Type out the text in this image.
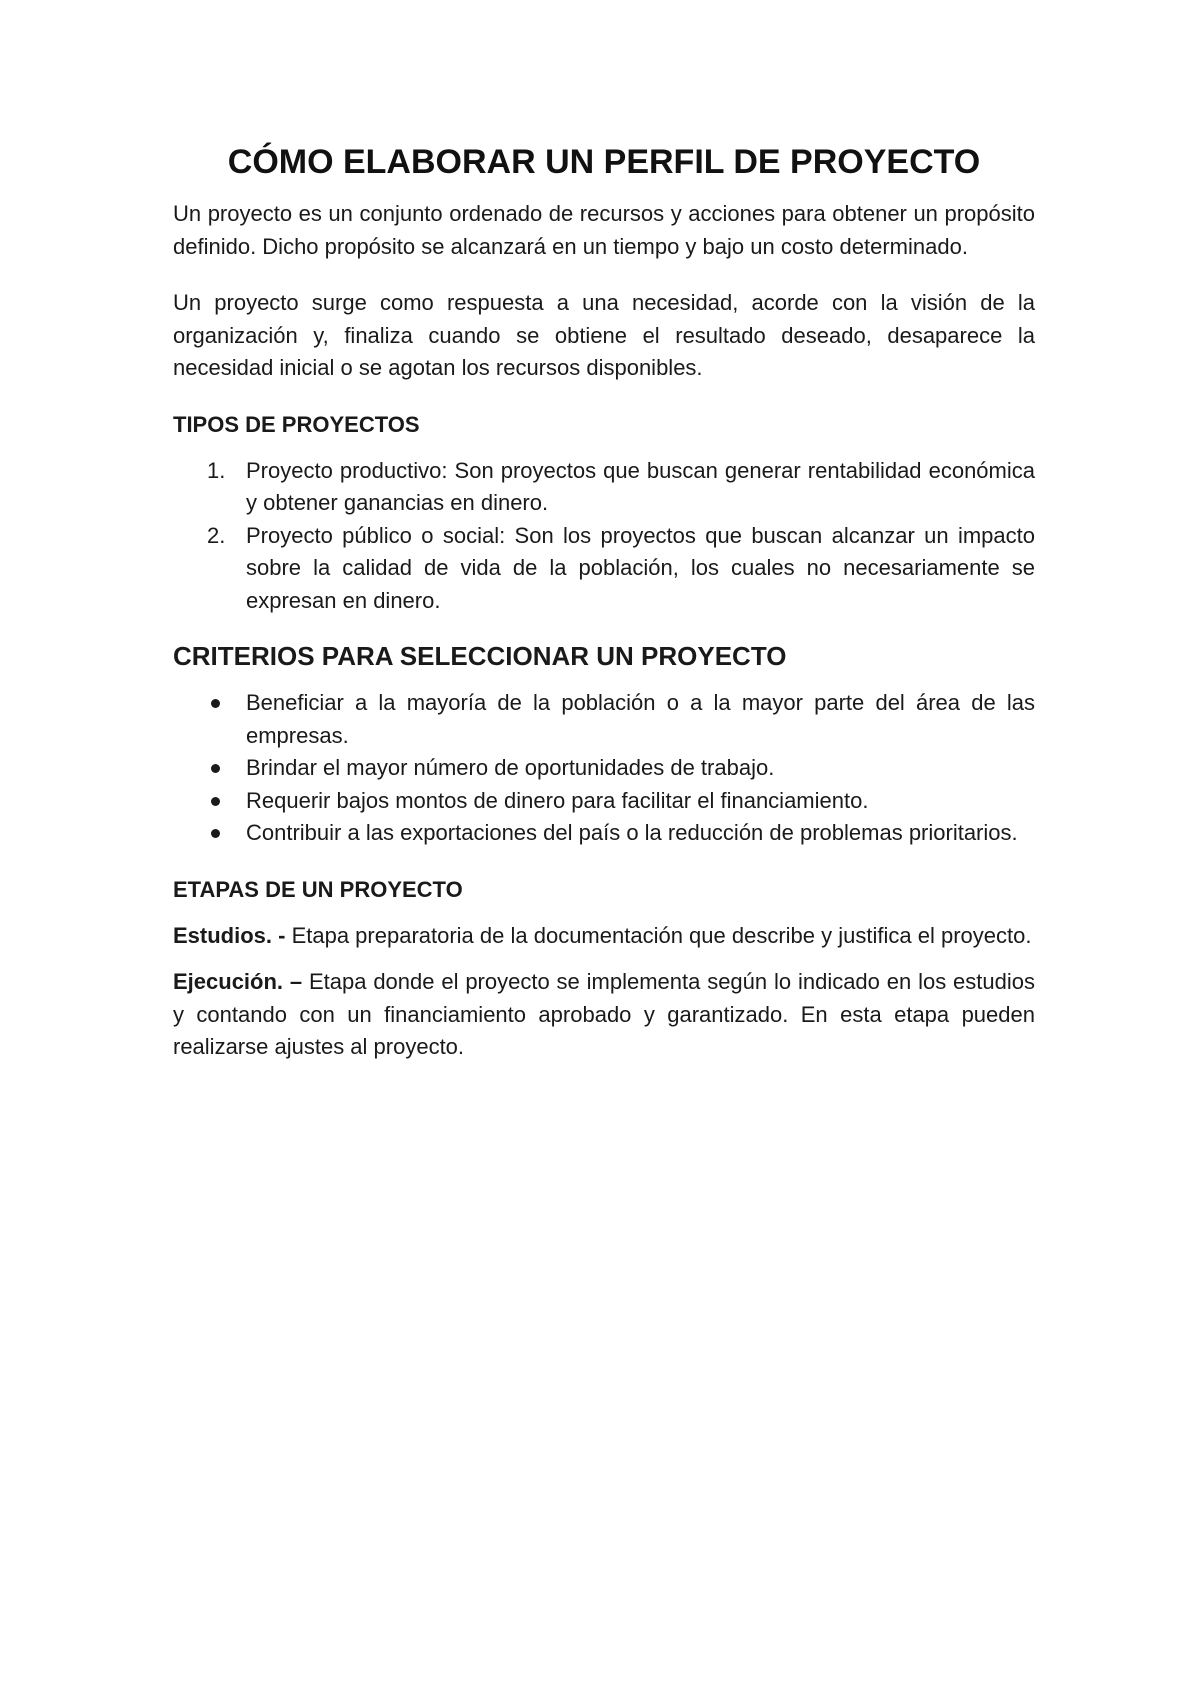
CÓMO ELABORAR UN PERFIL DE PROYECTO

Un proyecto es un conjunto ordenado de recursos y acciones para obtener un propósito definido. Dicho propósito se alcanzará en un tiempo y bajo un costo determinado.

Un proyecto surge como respuesta a una necesidad, acorde con la visión de la organización y, finaliza cuando se obtiene el resultado deseado, desaparece la necesidad inicial o se agotan los recursos disponibles.

TIPOS DE PROYECTOS
1. Proyecto productivo: Son proyectos que buscan generar rentabilidad económica y obtener ganancias en dinero.
2. Proyecto público o social: Son los proyectos que buscan alcanzar un impacto sobre la calidad de vida de la población, los cuales no necesariamente se expresan en dinero.
CRITERIOS PARA SELECCIONAR UN PROYECTO
Beneficiar a la mayoría de la población o a la mayor parte del área de las empresas.
Brindar el mayor número de oportunidades de trabajo.
Requerir bajos montos de dinero para facilitar el financiamiento.
Contribuir a las exportaciones del país o la reducción de problemas prioritarios.
ETAPAS DE UN PROYECTO

Estudios. - Etapa preparatoria de la documentación que describe y justifica el proyecto.

Ejecución. – Etapa donde el proyecto se implementa según lo indicado en los estudios y contando con un financiamiento aprobado y garantizado. En esta etapa pueden realizarse ajustes al proyecto.
